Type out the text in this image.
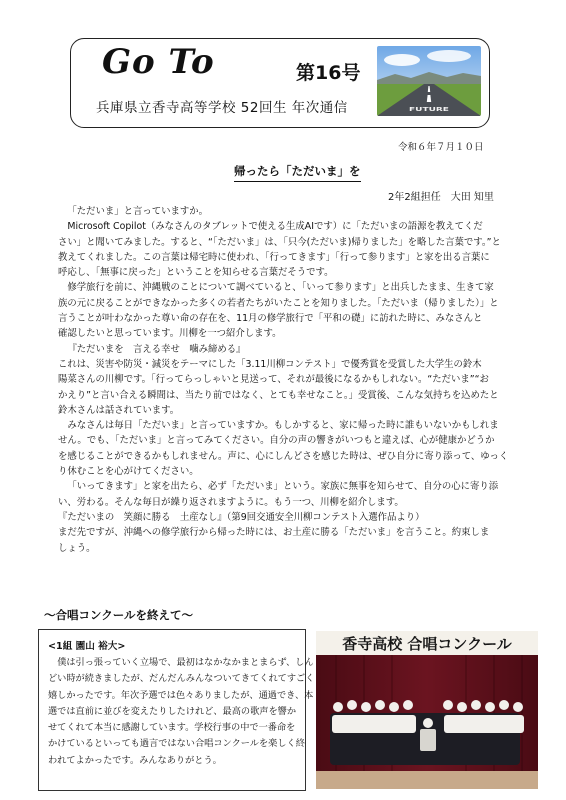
Go To	第16号
兵庫県立香寺高等学校 52回生 年次通信	FUTURE
令和６年７月１０日
帰ったら「ただいま」を
2年2組担任　大田 知里

「ただいま」と言っていますか。

Microsoft Copilot（みなさんのタブレットで使える生成AIです）に「ただいまの語源を教えてくだ

さい」と聞いてみました。すると、“「ただいま」は、「只今(ただいま)帰りました」を略した言葉です。”と

教えてくれました。この言葉は帰宅時に使われ、「行ってきます」「行って参ります」と家を出る言葉に

呼応し、「無事に戻った」ということを知らせる言葉だそうです。

修学旅行を前に、沖縄戦のことについて調べていると、「いって参ります」と出兵したまま、生きて家

族の元に戻ることができなかった多くの若者たちがいたことを知りました。「ただいま（帰りました）」と

言うことが叶わなかった尊い命の存在を、11月の修学旅行で「平和の礎」に訪れた時に、みなさんと

確認したいと思っています。川柳を一つ紹介します。

『ただいまを　言える幸せ　噛み締める』

これは、災害や防災・減災をテーマにした「3.11川柳コンテスト」で優秀賞を受賞した大学生の鈴木

陽菜さんの川柳です。「行ってらっしゃいと見送って、それが最後になるかもしれない。“ただいま”“お

かえり”と言い合える瞬間は、当たり前ではなく、とても幸せなこと。」受賞後、こんな気持ちを込めたと

鈴木さんは話されています。

みなさんは毎日「ただいま」と言っていますか。もしかすると、家に帰った時に誰もいないかもしれま

せん。でも、「ただいま」と言ってみてください。自分の声の響きがいつもと違えば、心が健康かどうか

を感じることができるかもしれません。声に、心にしんどさを感じた時は、ぜひ自分に寄り添って、ゆっく

り休むことを心がけてください。

「いってきます」と家を出たら、必ず「ただいま」という。家族に無事を知らせて、自分の心に寄り添

い、労わる。そんな毎日が繰り返されますように。もう一つ、川柳を紹介します。

『ただいまの　笑顔に勝る　土産なし』（第9回交通安全川柳コンテスト入選作品より）

まだ先ですが、沖縄への修学旅行から帰った時には、お土産に勝る「ただいま」を言うこと。約束しま

しょう。

～合唱コンクールを終えて～
<1組 園山 裕大>

僕は引っ張っていく立場で、最初はなかなかまとまらず、しん

どい時が続きましたが、だんだんみんなついてきてくれてすごく

嬉しかったです。年次予選では色々ありましたが、通過でき、本

選では直前に並びを変えたりしたけれど、最高の歌声を響か

せてくれて本当に感謝しています。学校行事の中で一番命を

かけているといっても過言ではない合唱コンクールを楽しく終

われてよかったです。みんなありがとう。

香寺高校 合唱コンクール
